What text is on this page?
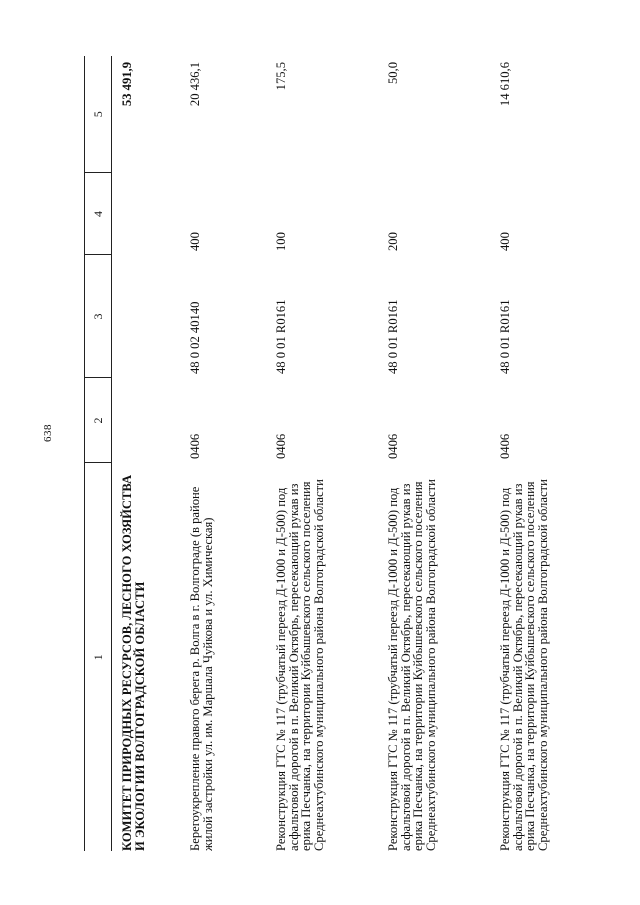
638
1	2	3	4	5
КОМИТЕТ ПРИРОДНЫХ РЕСУРСОВ, ЛЕСНОГО ХОЗЯЙСТВА И ЭКОЛОГИИ ВОЛГОГРАДСКОЙ ОБЛАСТИ				53 491,9
Берегоукрепление правого берега р. Волга в г. Волгограде (в районе жилой застройки ул. им. Маршала Чуйкова и ул. Химическая)	0406	48 0 02 40140	400	20 436,1
Реконструкция ГТС № 117 (трубчатый переезд Д-1000 и Д-500) под асфальтовой дорогой в п. Великий Октябрь, пересекающий рукав из ерика Песчанка, на территории Куйбышевского сельского поселения Среднеахтубинского муниципального района Волгоградской области	0406	48 0 01 R0161	100	175,5
Реконструкция ГТС № 117 (трубчатый переезд Д-1000 и Д-500) под асфальтовой дорогой в п. Великий Октябрь, пересекающий рукав из ерика Песчанка, на территории Куйбышевского сельского поселения Среднеахтубинского муниципального района Волгоградской области	0406	48 0 01 R0161	200	50,0
Реконструкция ГТС № 117 (трубчатый переезд Д-1000 и Д-500) под асфальтовой дорогой в п. Великий Октябрь, пересекающий рукав из ерика Песчанка, на территории Куйбышевского сельского поселения Среднеахтубинского муниципального района Волгоградской области	0406	48 0 01 R0161	400	14 610,6
